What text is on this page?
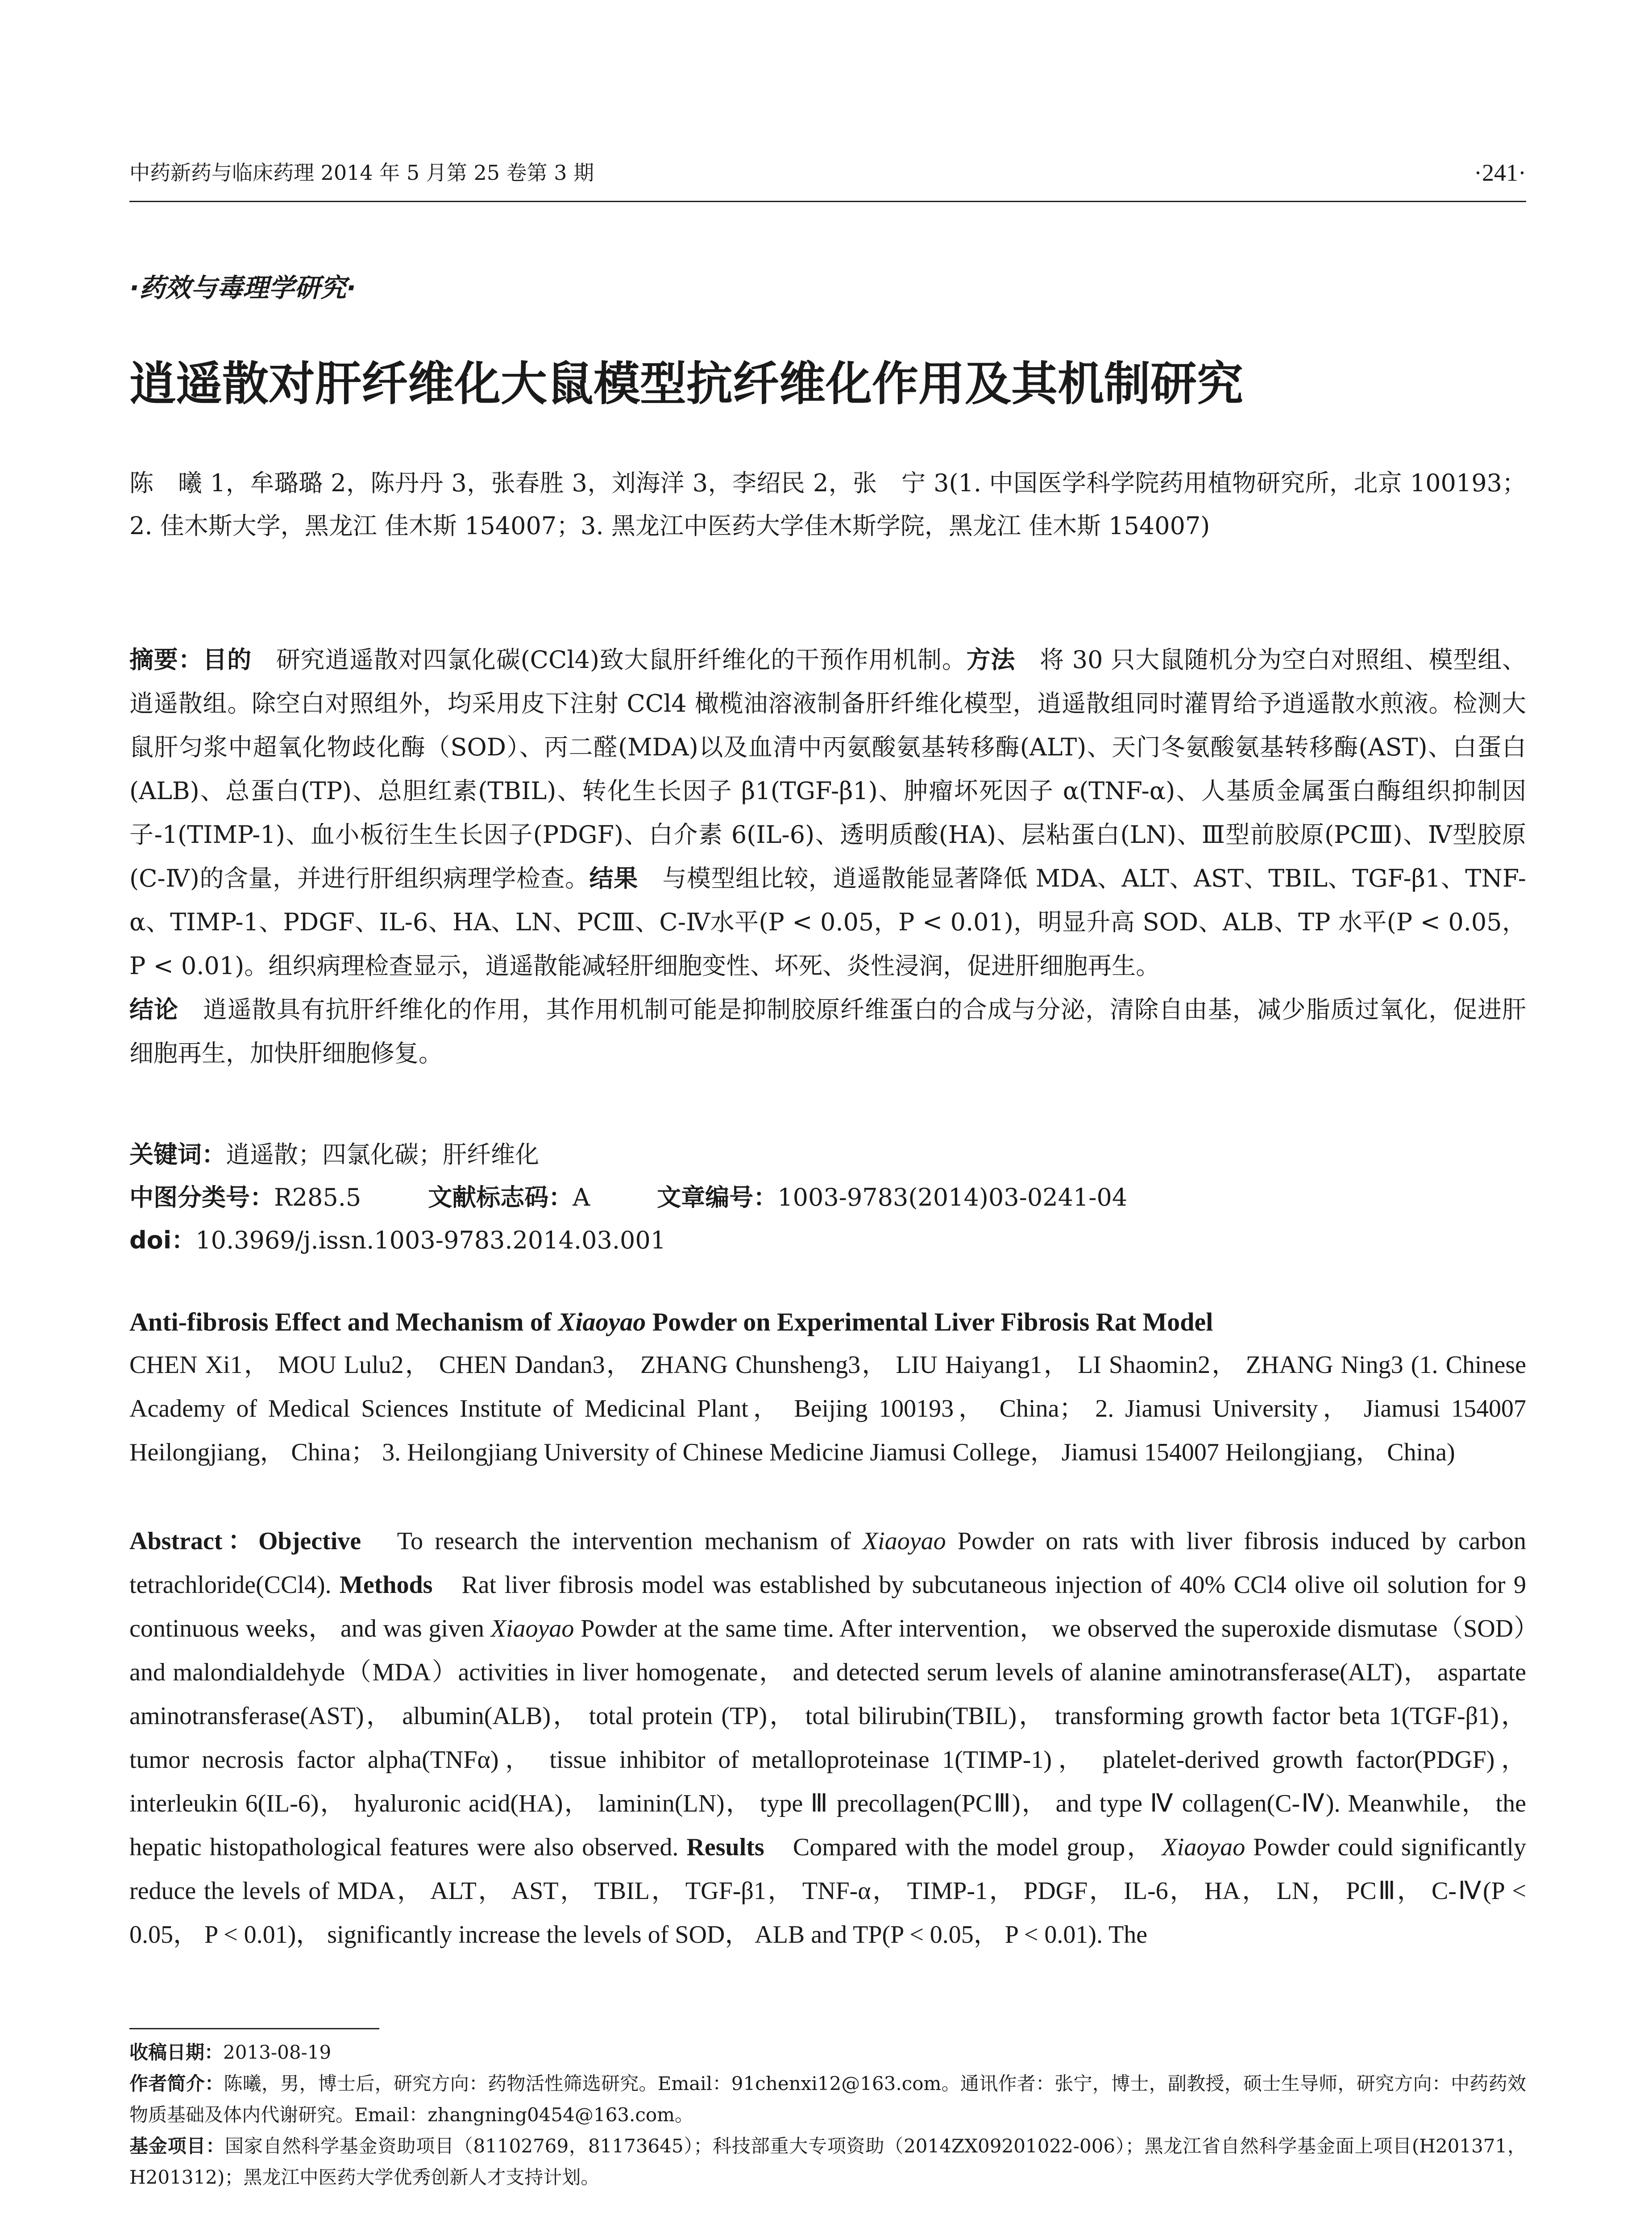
中药新药与临床药理 2014 年 5 月第 25 卷第 3 期	·241·
·药效与毒理学研究·
逍遥散对肝纤维化大鼠模型抗纤维化作用及其机制研究
陈　曦 1，牟璐璐 2，陈丹丹 3，张春胜 3，刘海洋 3，李绍民 2，张　宁 3(1. 中国医学科学院药用植物研究所，北京 100193；2. 佳木斯大学，黑龙江 佳木斯 154007；3. 黑龙江中医药大学佳木斯学院，黑龙江 佳木斯 154007)
摘要：目的　研究逍遥散对四氯化碳(CCl4)致大鼠肝纤维化的干预作用机制。方法　将 30 只大鼠随机分为空白对照组、模型组、逍遥散组。除空白对照组外，均采用皮下注射 CCl4 橄榄油溶液制备肝纤维化模型，逍遥散组同时灌胃给予逍遥散水煎液。检测大鼠肝匀浆中超氧化物歧化酶（SOD）、丙二醛(MDA)以及血清中丙氨酸氨基转移酶(ALT)、天门冬氨酸氨基转移酶(AST)、白蛋白(ALB)、总蛋白(TP)、总胆红素(TBIL)、转化生长因子 β1(TGF-β1)、肿瘤坏死因子 α(TNF-α)、人基质金属蛋白酶组织抑制因子-1(TIMP-1)、血小板衍生生长因子(PDGF)、白介素 6(IL-6)、透明质酸(HA)、层粘蛋白(LN)、Ⅲ型前胶原(PCⅢ)、Ⅳ型胶原(C-Ⅳ)的含量，并进行肝组织病理学检查。结果　与模型组比较，逍遥散能显著降低 MDA、ALT、AST、TBIL、TGF-β1、TNF-α、TIMP-1、PDGF、IL-6、HA、LN、PCⅢ、C-Ⅳ水平(P < 0.05，P < 0.01)，明显升高 SOD、ALB、TP 水平(P < 0.05，P < 0.01)。组织病理检查显示，逍遥散能减轻肝细胞变性、坏死、炎性浸润，促进肝细胞再生。
结论　逍遥散具有抗肝纤维化的作用，其作用机制可能是抑制胶原纤维蛋白的合成与分泌，清除自由基，减少脂质过氧化，促进肝细胞再生，加快肝细胞修复。
关键词：逍遥散；四氯化碳；肝纤维化
中图分类号：R285.5	文献标志码：A	文章编号：1003-9783(2014)03-0241-04
doi：10.3969/j.issn.1003-9783.2014.03.001
Anti-fibrosis Effect and Mechanism of Xiaoyao Powder on Experimental Liver Fibrosis Rat Model
CHEN Xi1， MOU Lulu2， CHEN Dandan3， ZHANG Chunsheng3， LIU Haiyang1， LI Shaomin2， ZHANG Ning3 (1. Chinese Academy of Medical Sciences Institute of Medicinal Plant， Beijing 100193， China； 2. Jiamusi University， Jiamusi 154007 Heilongjiang， China； 3. Heilongjiang University of Chinese Medicine Jiamusi College， Jiamusi 154007 Heilongjiang， China)
Abstract：Objective　To research the intervention mechanism of Xiaoyao Powder on rats with liver fibrosis induced by carbon tetrachloride(CCl4). Methods　Rat liver fibrosis model was established by subcutaneous injection of 40% CCl4 olive oil solution for 9 continuous weeks， and was given Xiaoyao Powder at the same time. After intervention， we observed the superoxide dismutase（SOD）and malondialdehyde（MDA）activities in liver homogenate， and detected serum levels of alanine aminotransferase(ALT)， aspartate aminotransferase(AST)， albumin(ALB)， total protein (TP)， total bilirubin(TBIL)， transforming growth factor beta 1(TGF-β1)， tumor necrosis factor alpha(TNFα)， tissue inhibitor of metalloproteinase 1(TIMP-1)， platelet-derived growth factor(PDGF)， interleukin 6(IL-6)， hyaluronic acid(HA)， laminin(LN)， type Ⅲ precollagen(PCⅢ)， and type Ⅳ collagen(C-Ⅳ). Meanwhile， the hepatic histopathological features were also observed. Results　Compared with the model group， Xiaoyao Powder could significantly reduce the levels of MDA， ALT， AST， TBIL， TGF-β1， TNF-α， TIMP-1， PDGF， IL-6， HA， LN， PCⅢ， C-Ⅳ(P < 0.05， P < 0.01)， significantly increase the levels of SOD， ALB and TP(P < 0.05， P < 0.01). The

收稿日期：2013-08-19

作者简介：陈曦，男，博士后，研究方向：药物活性筛选研究。Email：91chenxi12@163.com。通讯作者：张宁，博士，副教授，硕士生导师，研究方向：中药药效物质基础及体内代谢研究。Email：zhangning0454@163.com。

基金项目：国家自然科学基金资助项目（81102769，81173645）；科技部重大专项资助（2014ZX09201022-006）；黑龙江省自然科学基金面上项目(H201371，H201312)；黑龙江中医药大学优秀创新人才支持计划。
